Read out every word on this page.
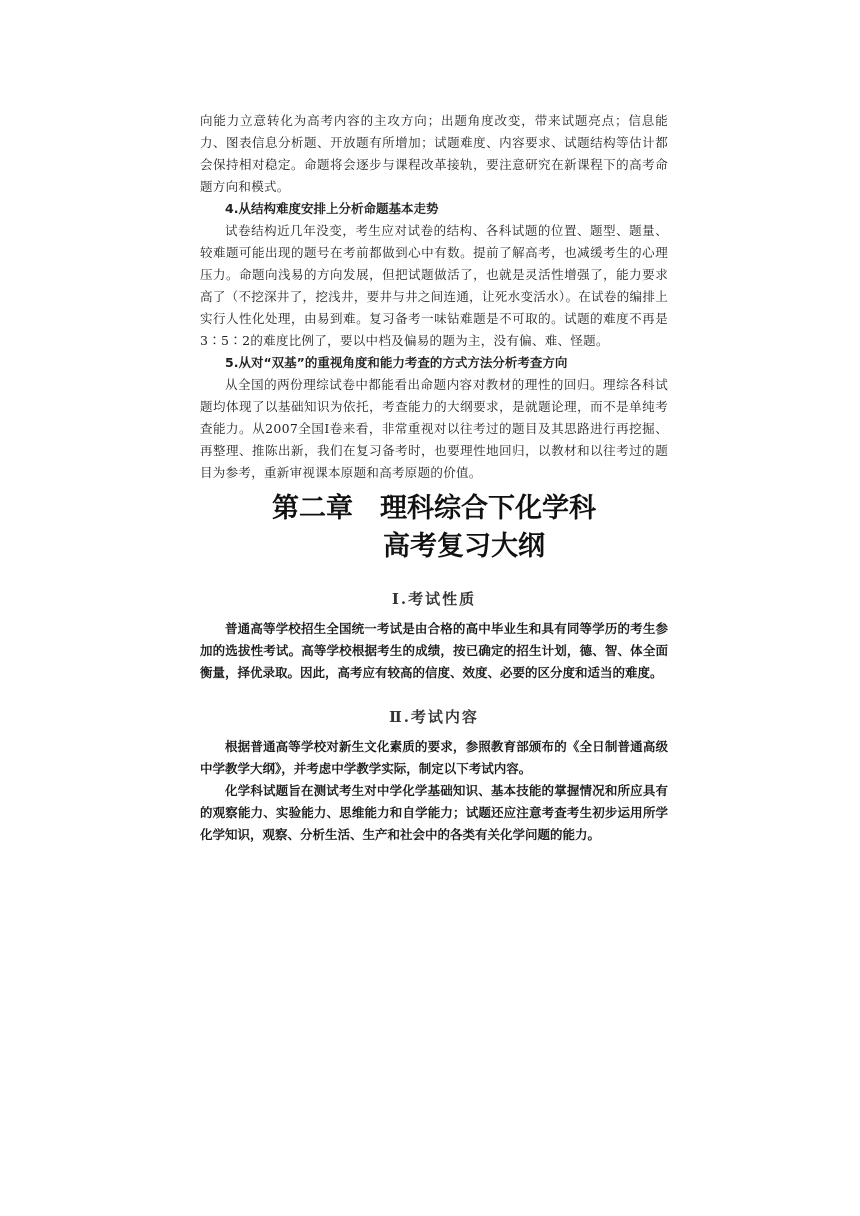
向能力立意转化为高考内容的主攻方向；出题角度改变，带来试题亮点；信息能力、图表信息分析题、开放题有所增加；试题难度、内容要求、试题结构等估计都会保持相对稳定。命题将会逐步与课程改革接轨，要注意研究在新课程下的高考命题方向和模式。

4.从结构难度安排上分析命题基本走势

试卷结构近几年没变，考生应对试卷的结构、各科试题的位置、题型、题量、较难题可能出现的题号在考前都做到心中有数。提前了解高考，也减缓考生的心理压力。命题向浅易的方向发展，但把试题做活了，也就是灵活性增强了，能力要求高了（不挖深井了，挖浅井，要井与井之间连通，让死水变活水）。在试卷的编排上实行人性化处理，由易到难。复习备考一味钻难题是不可取的。试题的难度不再是3∶5∶2的难度比例了，要以中档及偏易的题为主，没有偏、难、怪题。

5.从对“双基”的重视角度和能力考查的方式方法分析考查方向

从全国的两份理综试卷中都能看出命题内容对教材的理性的回归。理综各科试题均体现了以基础知识为依托，考查能力的大纲要求，是就题论理，而不是单纯考查能力。从2007全国Ⅰ卷来看，非常重视对以往考过的题目及其思路进行再挖掘、再整理、推陈出新，我们在复习备考时，也要理性地回归，以教材和以往考过的题目为参考，重新审视课本原题和高考原题的价值。

第二章　理科综合下化学科
高考复习大纲
Ⅰ.考试性质

普通高等学校招生全国统一考试是由合格的高中毕业生和具有同等学历的考生参加的选拔性考试。高等学校根据考生的成绩，按已确定的招生计划，德、智、体全面衡量，择优录取。因此，高考应有较高的信度、效度、必要的区分度和适当的难度。

Ⅱ.考试内容

根据普通高等学校对新生文化素质的要求，参照教育部颁布的《全日制普通高级中学教学大纲》，并考虑中学教学实际，制定以下考试内容。

化学科试题旨在测试考生对中学化学基础知识、基本技能的掌握情况和所应具有的观察能力、实验能力、思维能力和自学能力；试题还应注意考查考生初步运用所学化学知识，观察、分析生活、生产和社会中的各类有关化学问题的能力。
